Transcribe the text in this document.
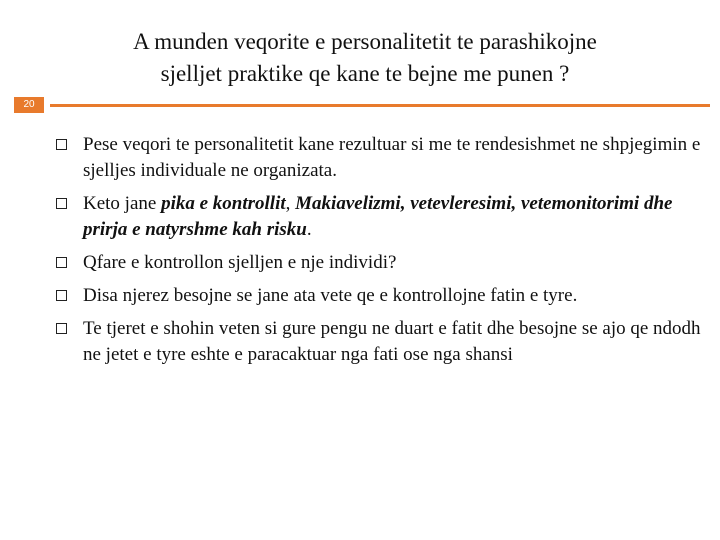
A munden veqorite e personalitetit te parashikojne
sjelljet praktike qe kane te bejne me punen ?
20
Pese veqori te personalitetit kane rezultuar si me te rendesishmet ne shpjegimin e sjelljes individuale ne organizata.
Keto jane pika e kontrollit, Makiavelizmi, vetevleresimi, vetemonitorimi dhe prirja e natyrshme kah risku.
Qfare e kontrollon sjelljen e nje individi?
Disa njerez besojne se jane ata vete qe e kontrollojne fatin e tyre.
Te tjeret e shohin veten si gure pengu ne duart e fatit dhe besojne se ajo qe ndodh ne jetet e tyre eshte e paracaktuar nga fati ose nga shansi
